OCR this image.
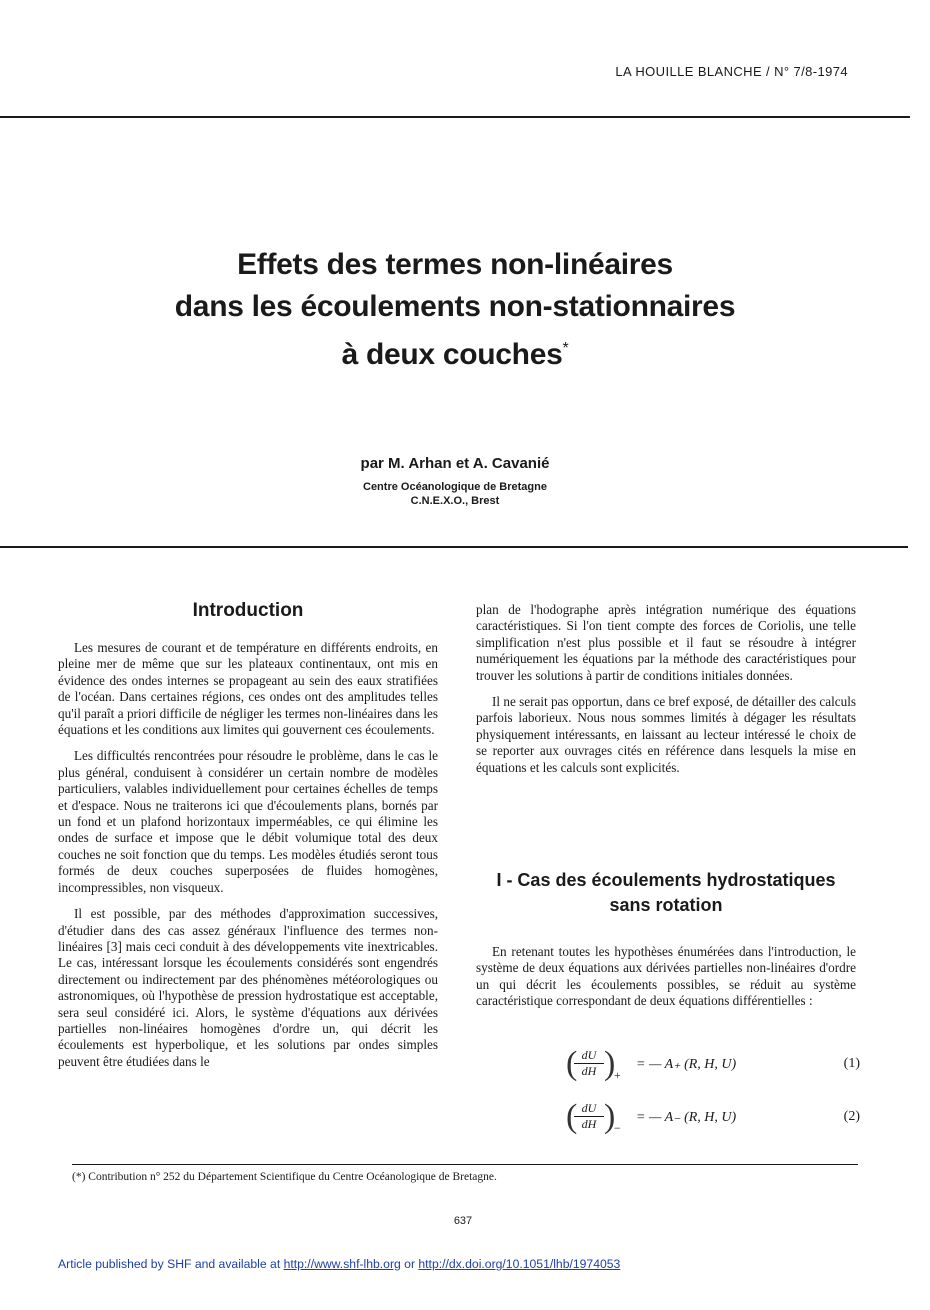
LA HOUILLE BLANCHE / N° 7/8-1974
Effets des termes non-linéaires
dans les écoulements non-stationnaires
à deux couches*
par M. Arhan et A. Cavanié
Centre Océanologique de Bretagne
C.N.E.X.O., Brest
Introduction

Les mesures de courant et de température en différents endroits, en pleine mer de même que sur les plateaux continentaux, ont mis en évidence des ondes internes se propageant au sein des eaux stratifiées de l'océan. Dans certaines régions, ces ondes ont des amplitudes telles qu'il paraît a priori difficile de négliger les termes non-linéaires dans les équations et les conditions aux limites qui gouvernent ces écoulements.

Les difficultés rencontrées pour résoudre le problème, dans le cas le plus général, conduisent à considérer un certain nombre de modèles particuliers, valables individuellement pour certaines échelles de temps et d'espace. Nous ne traiterons ici que d'écoulements plans, bornés par un fond et un plafond horizontaux imperméables, ce qui élimine les ondes de surface et impose que le débit volumique total des deux couches ne soit fonction que du temps. Les modèles étudiés seront tous formés de deux couches superposées de fluides homogènes, incompressibles, non visqueux.

Il est possible, par des méthodes d'approximation successives, d'étudier dans des cas assez généraux l'influence des termes non-linéaires [3] mais ceci conduit à des développements vite inextricables. Le cas, intéressant lorsque les écoulements considérés sont engendrés directement ou indirectement par des phénomènes météorologiques ou astronomiques, où l'hypothèse de pression hydrostatique est acceptable, sera seul considéré ici. Alors, le système d'équations aux dérivées partielles non-linéaires homogènes d'ordre un, qui décrit les écoulements est hyperbolique, et les solutions par ondes simples peuvent être étudiées dans le

plan de l'hodographe après intégration numérique des équations caractéristiques. Si l'on tient compte des forces de Coriolis, une telle simplification n'est plus possible et il faut se résoudre à intégrer numériquement les équations par la méthode des caractéristiques pour trouver les solutions à partir de conditions initiales données.

Il ne serait pas opportun, dans ce bref exposé, de détailler des calculs parfois laborieux. Nous nous sommes limités à dégager les résultats physiquement intéressants, en laissant au lecteur intéressé le choix de se reporter aux ouvrages cités en référence dans lesquels la mise en équations et les calculs sont explicités.

I - Cas des écoulements hydrostatiques
sans rotation

En retenant toutes les hypothèses énumérées dans l'introduction, le système de deux équations aux dérivées partielles non-linéaires d'ordre un qui décrit les écoulements possibles, se réduit au système caractéristique correspondant de deux équations différentielles :

(
$\frac{dU}{dH}$ )
+
= — A₊ (R, H, U)	(1)
(
$\frac{dU}{dH}$ )
−
= — A₋ (R, H, U)	(2)
(*) Contribution n° 252 du Département Scientifique du Centre Océanologique de Bretagne.
637
Article published by SHF and available at http://www.shf-lhb.org or http://dx.doi.org/10.1051/lhb/1974053
